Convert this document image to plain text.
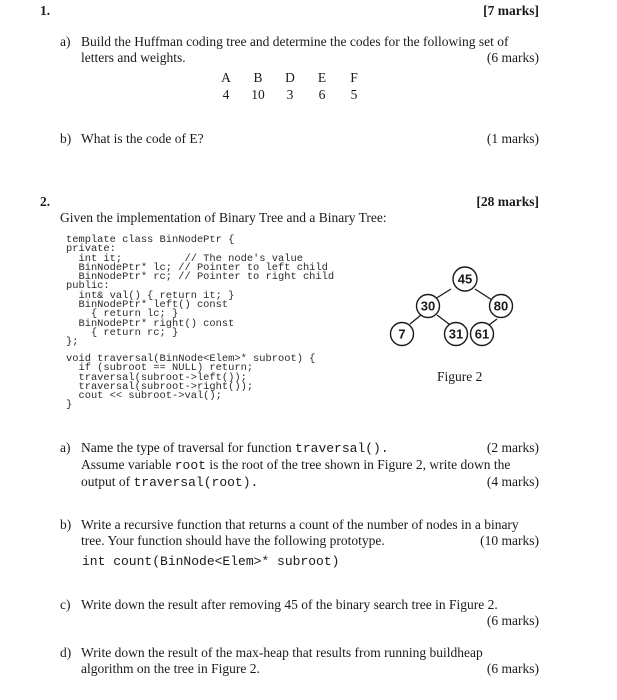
1.	[7 marks]
a) Build the Huffman coding tree and determine the codes for the following set of
letters and weights.	(6 marks)
A	B	D	E	F
4	10	3	6	5
b) What is the code of E?	(1 marks)
2.	[28 marks]
Given the implementation of Binary Tree and a Binary Tree:
template class BinNodePtr {
private:
int it;          // The node's value
BinNodePtr* lc; // Pointer to left child
BinNodePtr* rc; // Pointer to right child
public:
int& val() { return it; }
BinNodePtr* left() const
{ return lc; }
BinNodePtr* right() const
{ return rc; }
};
void traversal(BinNode<Elem>* subroot) {
if (subroot == NULL) return;
traversal(subroot->left());
traversal(subroot->right());
cout << subroot->val();
}
45
30	80
7	31 61
Figure 2
a) Name the type of traversal for function traversal().	(2 marks)
Assume variable root is the root of the tree shown in Figure 2, write down the
output of traversal(root).	(4 marks)
b) Write a recursive function that returns a count of the number of nodes in a binary
tree. Your function should have the following prototype.	(10 marks)
int count(BinNode<Elem>* subroot)
c) Write down the result after removing 45 of the binary search tree in Figure 2.
(6 marks)
d) Write down the result of the max-heap that results from running buildheap
algorithm on the tree in Figure 2.	(6 marks)
